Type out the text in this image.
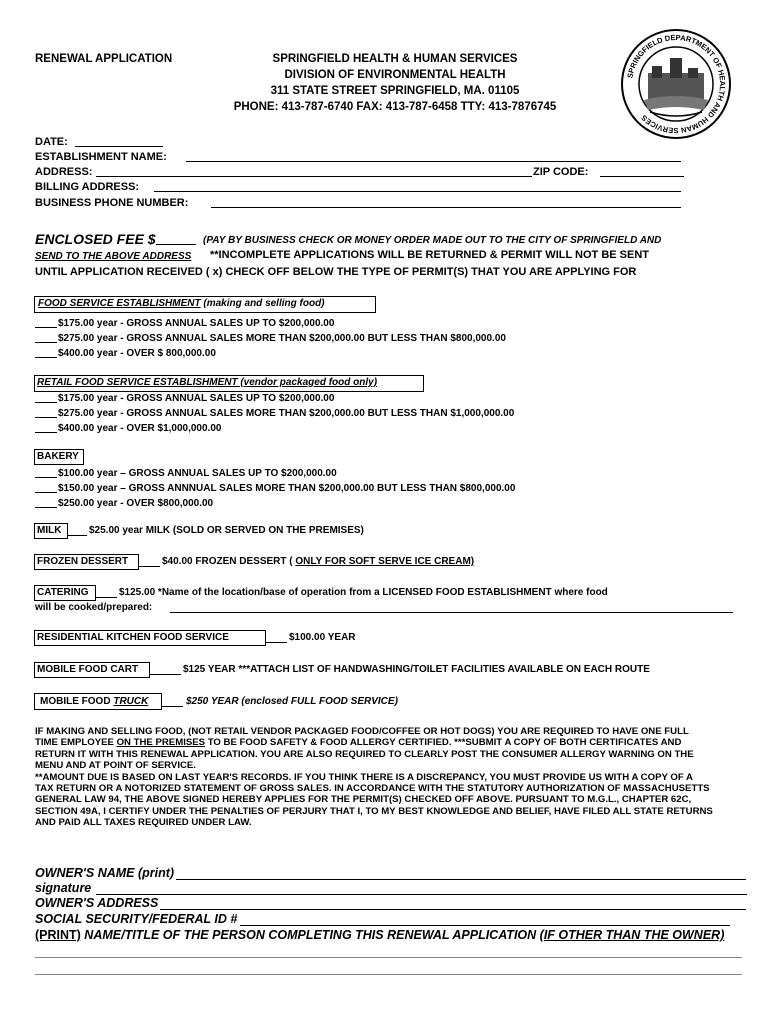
RENEWAL APPLICATION	SPRINGFIELD HEALTH & HUMAN SERVICES
DIVISION OF ENVIRONMENTAL HEALTH
311 STATE STREET SPRINGFIELD, MA. 01105
PHONE: 413-787-6740 FAX: 413-787-6458 TTY: 413-7876745
SPRINGFIELD DEPARTMENT OF HEALTH AND HUMAN SERVICES
DATE:
ESTABLISHMENT NAME:
ADDRESS:	ZIP CODE:
BILLING ADDRESS:
BUSINESS PHONE NUMBER:
ENCLOSED FEE $	(PAY BY BUSINESS CHECK OR MONEY ORDER MADE OUT TO THE CITY OF SPRINGFIELD AND
SEND TO THE ABOVE ADDRESS **INCOMPLETE APPLICATIONS WILL BE RETURNED & PERMIT WILL NOT BE SENT
UNTIL APPLICATION RECEIVED ( x) CHECK OFF BELOW THE TYPE OF PERMIT(S) THAT YOU ARE APPLYING FOR
FOOD SERVICE ESTABLISHMENT (making and selling food)
$175.00 year - GROSS ANNUAL SALES UP TO $200,000.00
$275.00 year - GROSS ANNUAL SALES MORE THAN $200,000.00 BUT LESS THAN $800,000.00
$400.00 year - OVER $ 800,000.00
RETAIL FOOD SERVICE ESTABLISHMENT (vendor packaged food only)
$175.00 year - GROSS ANNUAL SALES UP TO $200,000.00
$275.00 year - GROSS ANNUAL SALES MORE THAN $200,000.00 BUT LESS THAN $1,000,000.00
$400.00 year - OVER $1,000,000.00
BAKERY
$100.00 year – GROSS ANNUAL SALES UP TO $200,000.00
$150.00 year – GROSS ANNNUAL SALES MORE THAN $200,000.00 BUT LESS THAN $800,000.00
$250.00 year - OVER $800,000.00
MILK	$25.00 year MILK (SOLD OR SERVED ON THE PREMISES)
FROZEN DESSERT	$40.00 FROZEN DESSERT ( ONLY FOR SOFT SERVE ICE CREAM)
CATERING	$125.00 *Name of the location/base of operation from a LICENSED FOOD ESTABLISHMENT where food
will be cooked/prepared:
RESIDENTIAL KITCHEN FOOD SERVICE	$100.00 YEAR
MOBILE FOOD CART	$125 YEAR ***ATTACH LIST OF HANDWASHING/TOILET FACILITIES AVAILABLE ON EACH ROUTE
MOBILE FOOD TRUCK	$250 YEAR (enclosed FULL FOOD SERVICE)
IF MAKING AND SELLING FOOD, (NOT RETAIL VENDOR PACKAGED FOOD/COFFEE OR HOT DOGS) YOU ARE REQUIRED TO HAVE ONE FULL
TIME EMPLOYEE ON THE PREMISES TO BE FOOD SAFETY & FOOD ALLERGY CERTIFIED. ***SUBMIT A COPY OF BOTH CERTIFICATES AND
RETURN IT WITH THIS RENEWAL APPLICATION. YOU ARE ALSO REQUIRED TO CLEARLY POST THE CONSUMER ALLERGY WARNING ON THE
MENU AND AT POINT OF SERVICE.
**AMOUNT DUE IS BASED ON LAST YEAR'S RECORDS. IF YOU THINK THERE IS A DISCREPANCY, YOU MUST PROVIDE US WITH A COPY OF A
TAX RETURN OR A NOTORIZED STATEMENT OF GROSS SALES. IN ACCORDANCE WITH THE STATUTORY AUTHORIZATION OF MASSACHUSETTS
GENERAL LAW 94, THE ABOVE SIGNED HEREBY APPLIES FOR THE PERMIT(S) CHECKED OFF ABOVE. PURSUANT TO M.G.L., CHAPTER 62C,
SECTION 49A, I CERTIFY UNDER THE PENALTIES OF PERJURY THAT I, TO MY BEST KNOWLEDGE AND BELIEF, HAVE FILED ALL STATE RETURNS
AND PAID ALL TAXES REQUIRED UNDER LAW.
OWNER'S NAME (print)
signature
OWNER'S ADDRESS
SOCIAL SECURITY/FEDERAL ID #
(PRINT) NAME/TITLE OF THE PERSON COMPLETING THIS RENEWAL APPLICATION (IF OTHER THAN THE OWNER)
